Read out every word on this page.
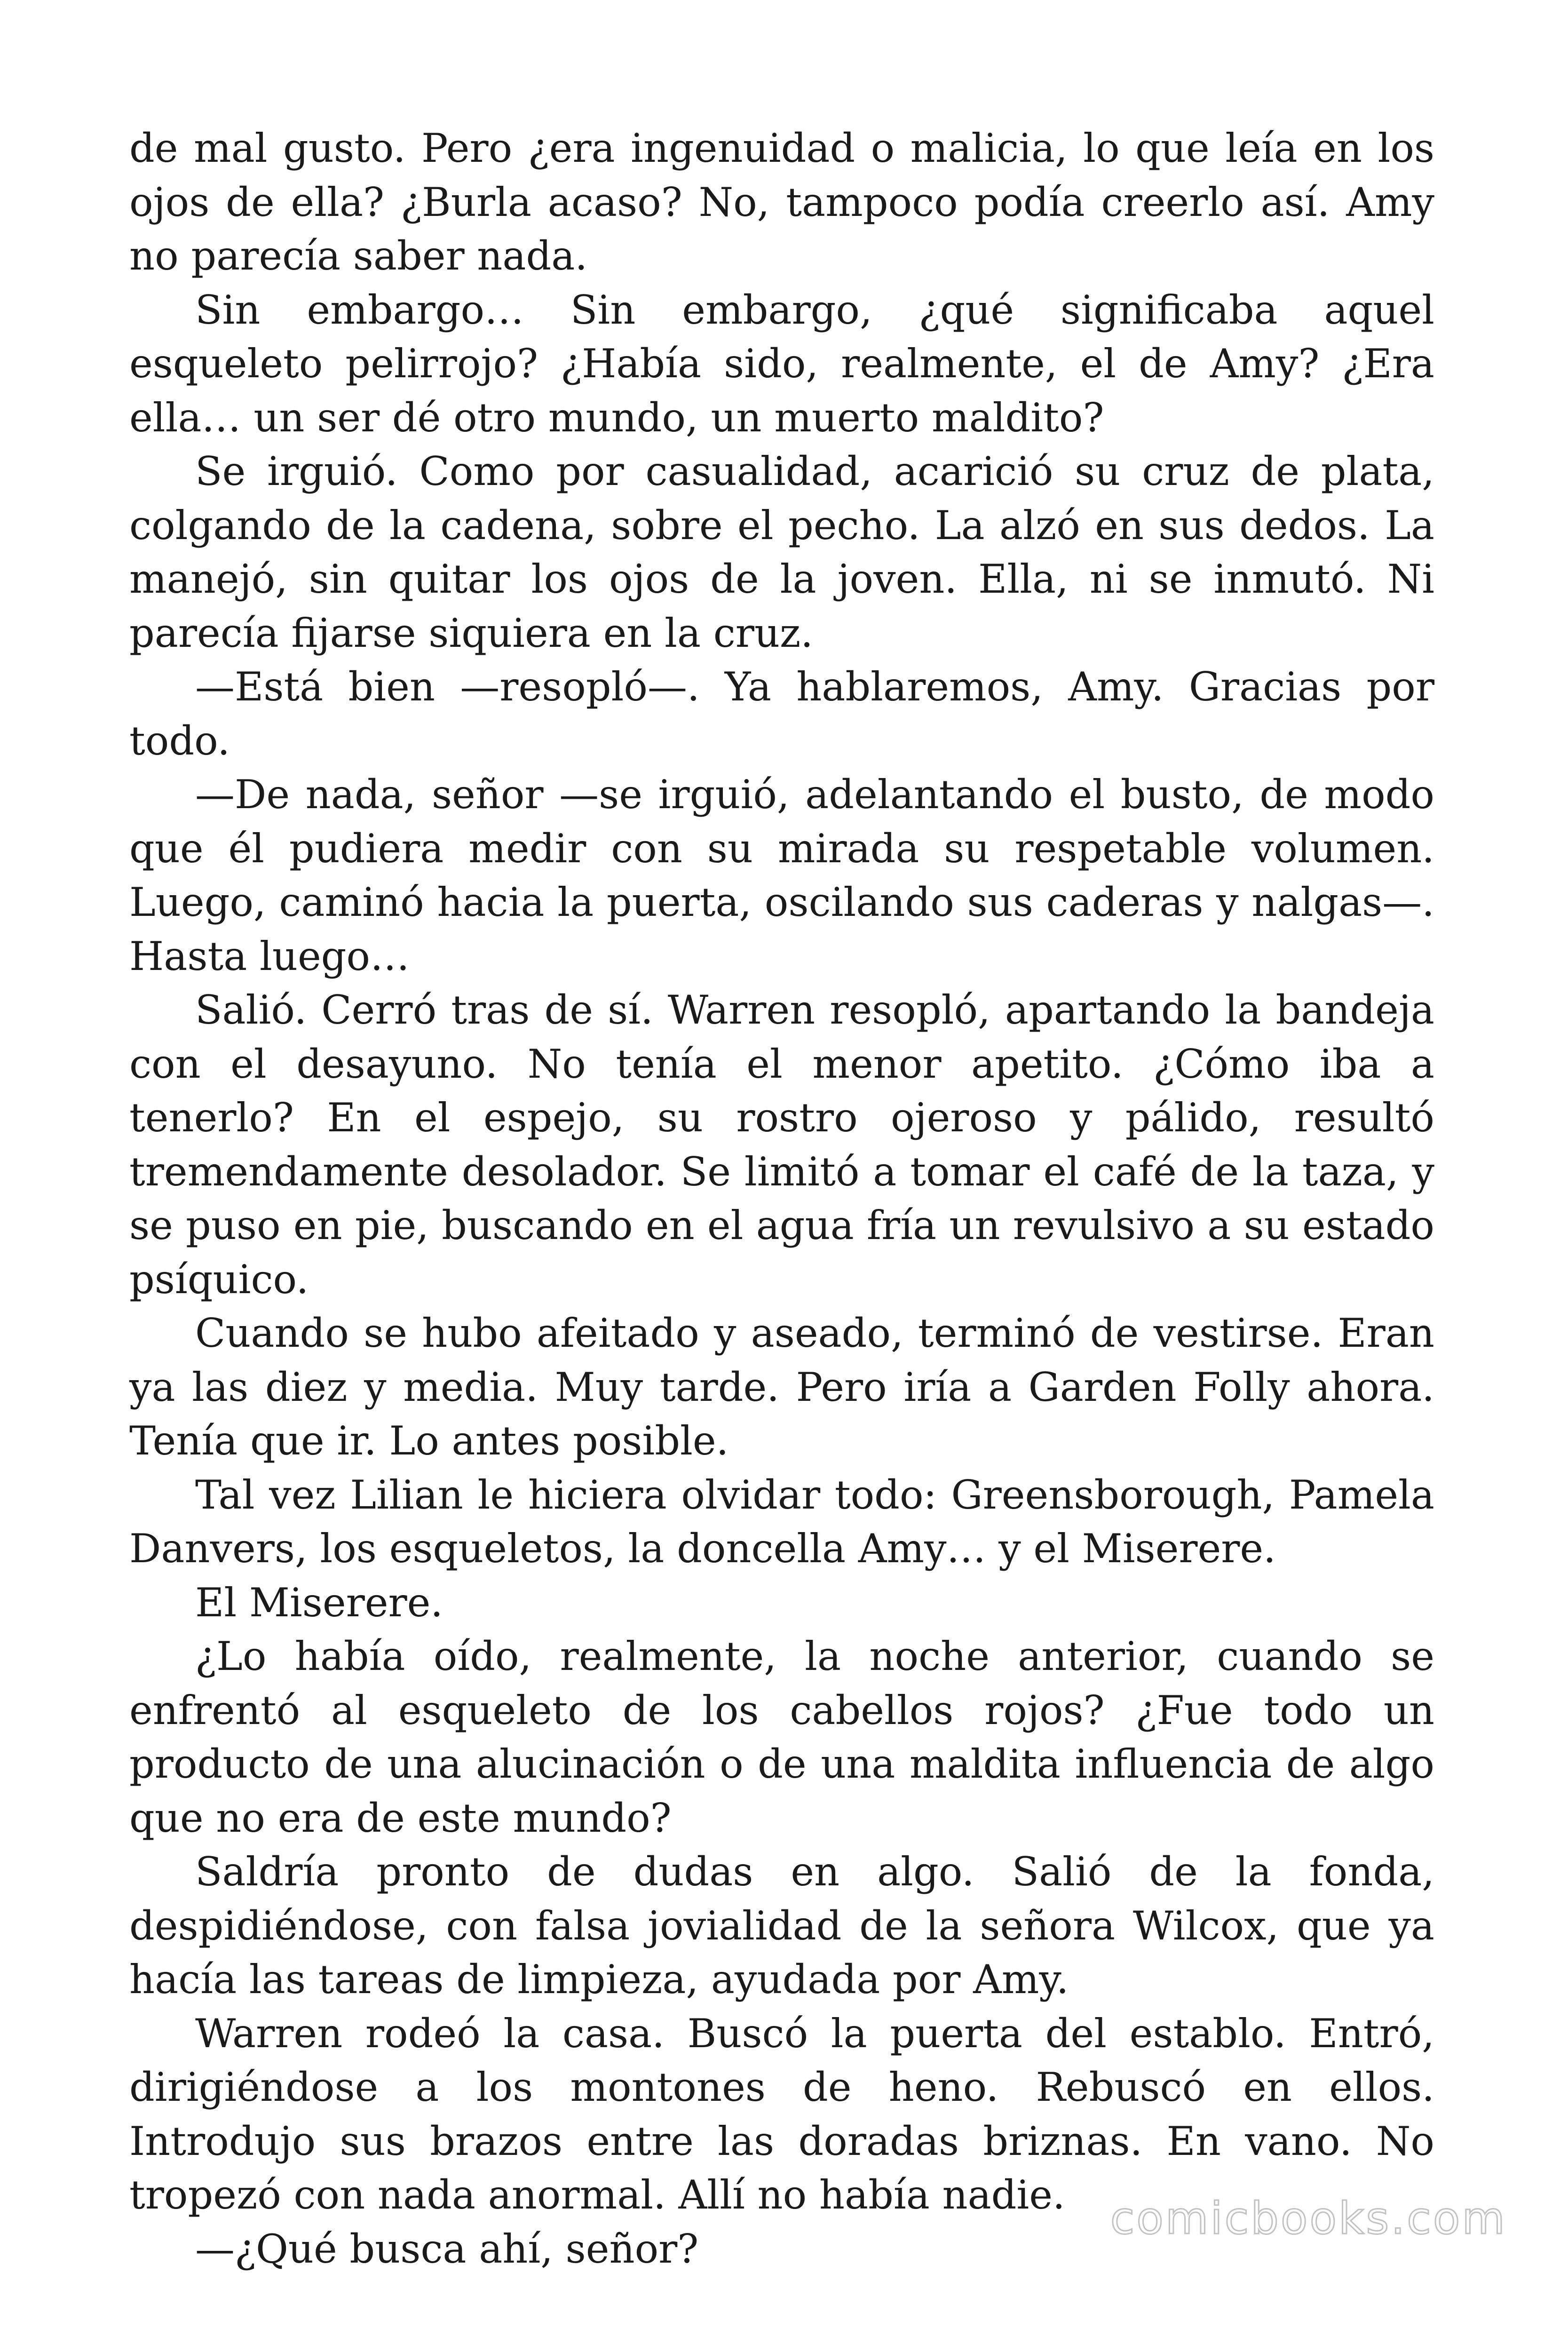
de mal gusto. Pero ¿era ingenuidad o malicia, lo que leía en los ojos de ella? ¿Burla acaso? No, tampoco podía creerlo así. Amy no parecía saber nada.

Sin embargo… Sin embargo, ¿qué significaba aquel esqueleto pelirrojo? ¿Había sido, realmente, el de Amy? ¿Era ella… un ser dé otro mundo, un muerto maldito?

Se irguió. Como por casualidad, acarició su cruz de plata, colgando de la cadena, sobre el pecho. La alzó en sus dedos. La manejó, sin quitar los ojos de la joven. Ella, ni se inmutó. Ni parecía fijarse siquiera en la cruz.

—Está bien —resopló—. Ya hablaremos, Amy. Gracias por todo.

—De nada, señor —se irguió, adelantando el busto, de modo que él pudiera medir con su mirada su respetable volumen. Luego, caminó hacia la puerta, oscilando sus caderas y nalgas—. Hasta luego…

Salió. Cerró tras de sí. Warren resopló, apartando la bandeja con el desayuno. No tenía el menor apetito. ¿Cómo iba a tenerlo? En el espejo, su rostro ojeroso y pálido, resultó tremendamente desolador. Se limitó a tomar el café de la taza, y se puso en pie, buscando en el agua fría un revulsivo a su estado psíquico.

Cuando se hubo afeitado y aseado, terminó de vestirse. Eran ya las diez y media. Muy tarde. Pero iría a Garden Folly ahora. Tenía que ir. Lo antes posible.

Tal vez Lilian le hiciera olvidar todo: Greensborough, Pamela Danvers, los esqueletos, la doncella Amy… y el Miserere.

El Miserere.

¿Lo había oído, realmente, la noche anterior, cuando se enfrentó al esqueleto de los cabellos rojos? ¿Fue todo un producto de una alucinación o de una maldita influencia de algo que no era de este mundo?

Saldría pronto de dudas en algo. Salió de la fonda, despidiéndose, con falsa jovialidad de la señora Wilcox, que ya hacía las tareas de limpieza, ayudada por Amy.

Warren rodeó la casa. Buscó la puerta del establo. Entró, dirigiéndose a los montones de heno. Rebuscó en ellos. Introdujo sus brazos entre las doradas briznas. En vano. No tropezó con nada anormal. Allí no había nadie.

—¿Qué busca ahí, señor?

comicbooks.com
